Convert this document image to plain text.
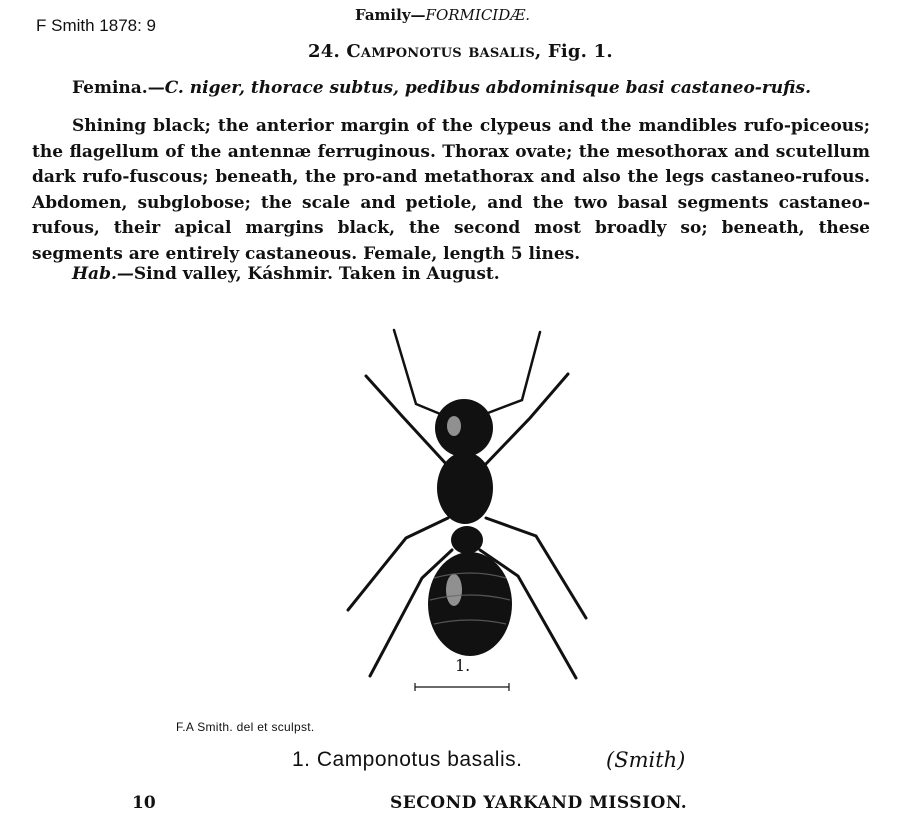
F Smith 1878: 9
Family—FORMICIDÆ.
24. Camponotus basalis, Fig. 1.
Femina.—C. niger, thorace subtus, pedibus abdominisque basi castaneo-rufis.

Shining black; the anterior margin of the clypeus and the mandibles rufo-piceous; the flagellum of the antennæ ferruginous. Thorax ovate; the mesothorax and scutellum dark rufo-fuscous; beneath, the pro-and metathorax and also the legs castaneo-rufous. Abdomen, subglobose; the scale and petiole, and the two basal segments castaneo-rufous, their apical margins black, the second most broadly so; beneath, these segments are entirely castaneous. Female, length 5 lines.

Hab.—Sind valley, Káshmir. Taken in August.
1.
F.A Smith. del et sculpst.
1. Camponotus basalis.	(Smith)
10	SECOND YARKAND MISSION.
